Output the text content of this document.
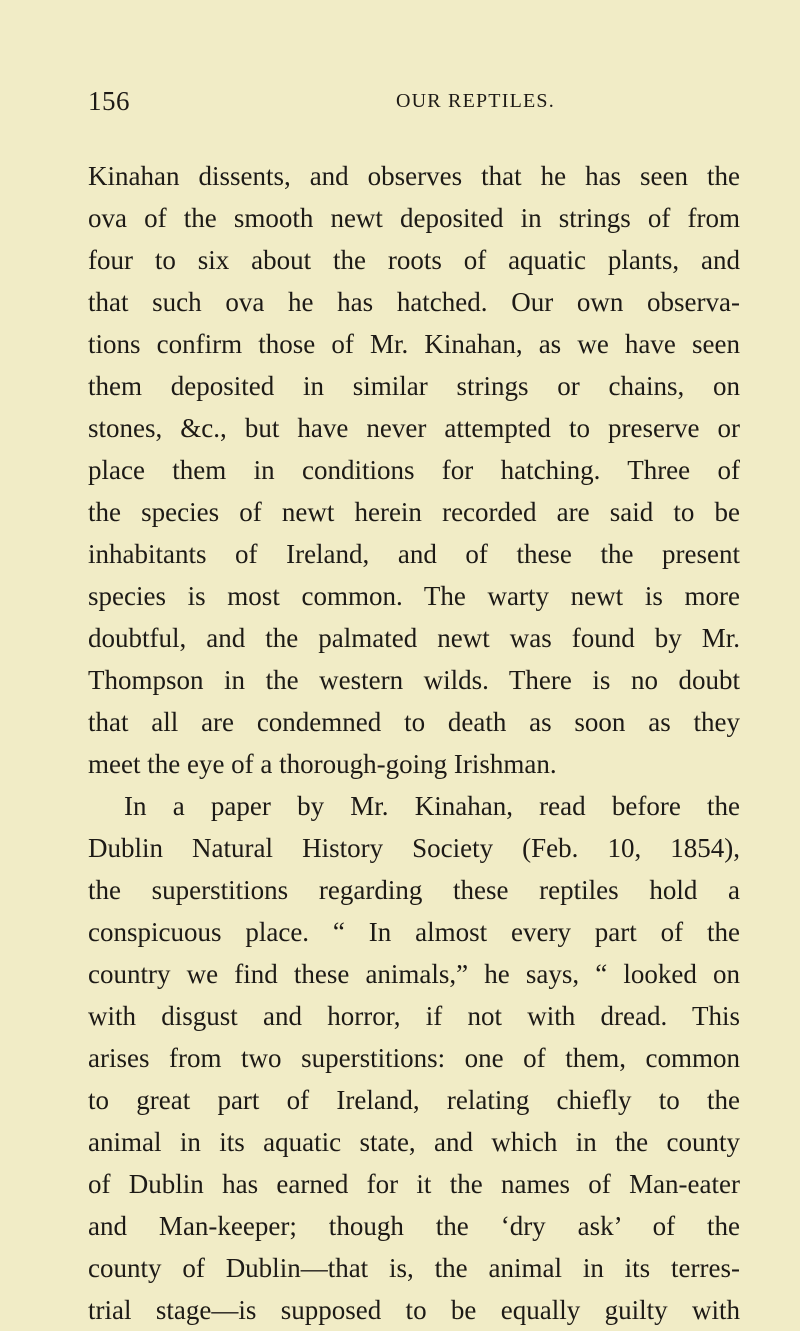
156	OUR REPTILES.
Kinahan dissents, and observes that he has seen the
ova of the smooth newt deposited in strings of from
four to six about the roots of aquatic plants, and
that such ova he has hatched. Our own observa-
tions confirm those of Mr. Kinahan, as we have seen
them deposited in similar strings or chains, on
stones, &c., but have never attempted to preserve or
place them in conditions for hatching. Three of
the species of newt herein recorded are said to be
inhabitants of Ireland, and of these the present
species is most common. The warty newt is more
doubtful, and the palmated newt was found by Mr.
Thompson in the western wilds. There is no doubt
that all are condemned to death as soon as they
meet the eye of a thorough-going Irishman.
In a paper by Mr. Kinahan, read before the
Dublin Natural History Society (Feb. 10, 1854),
the superstitions regarding these reptiles hold a
conspicuous place. “ In almost every part of the
country we find these animals,” he says, “ looked on
with disgust and horror, if not with dread. This
arises from two superstitions: one of them, common
to great part of Ireland, relating chiefly to the
animal in its aquatic state, and which in the county
of Dublin has earned for it the names of Man-eater
and Man-keeper; though the ‘dry ask’ of the
county of Dublin—that is, the animal in its terres-
trial stage—is supposed to be equally guilty with
